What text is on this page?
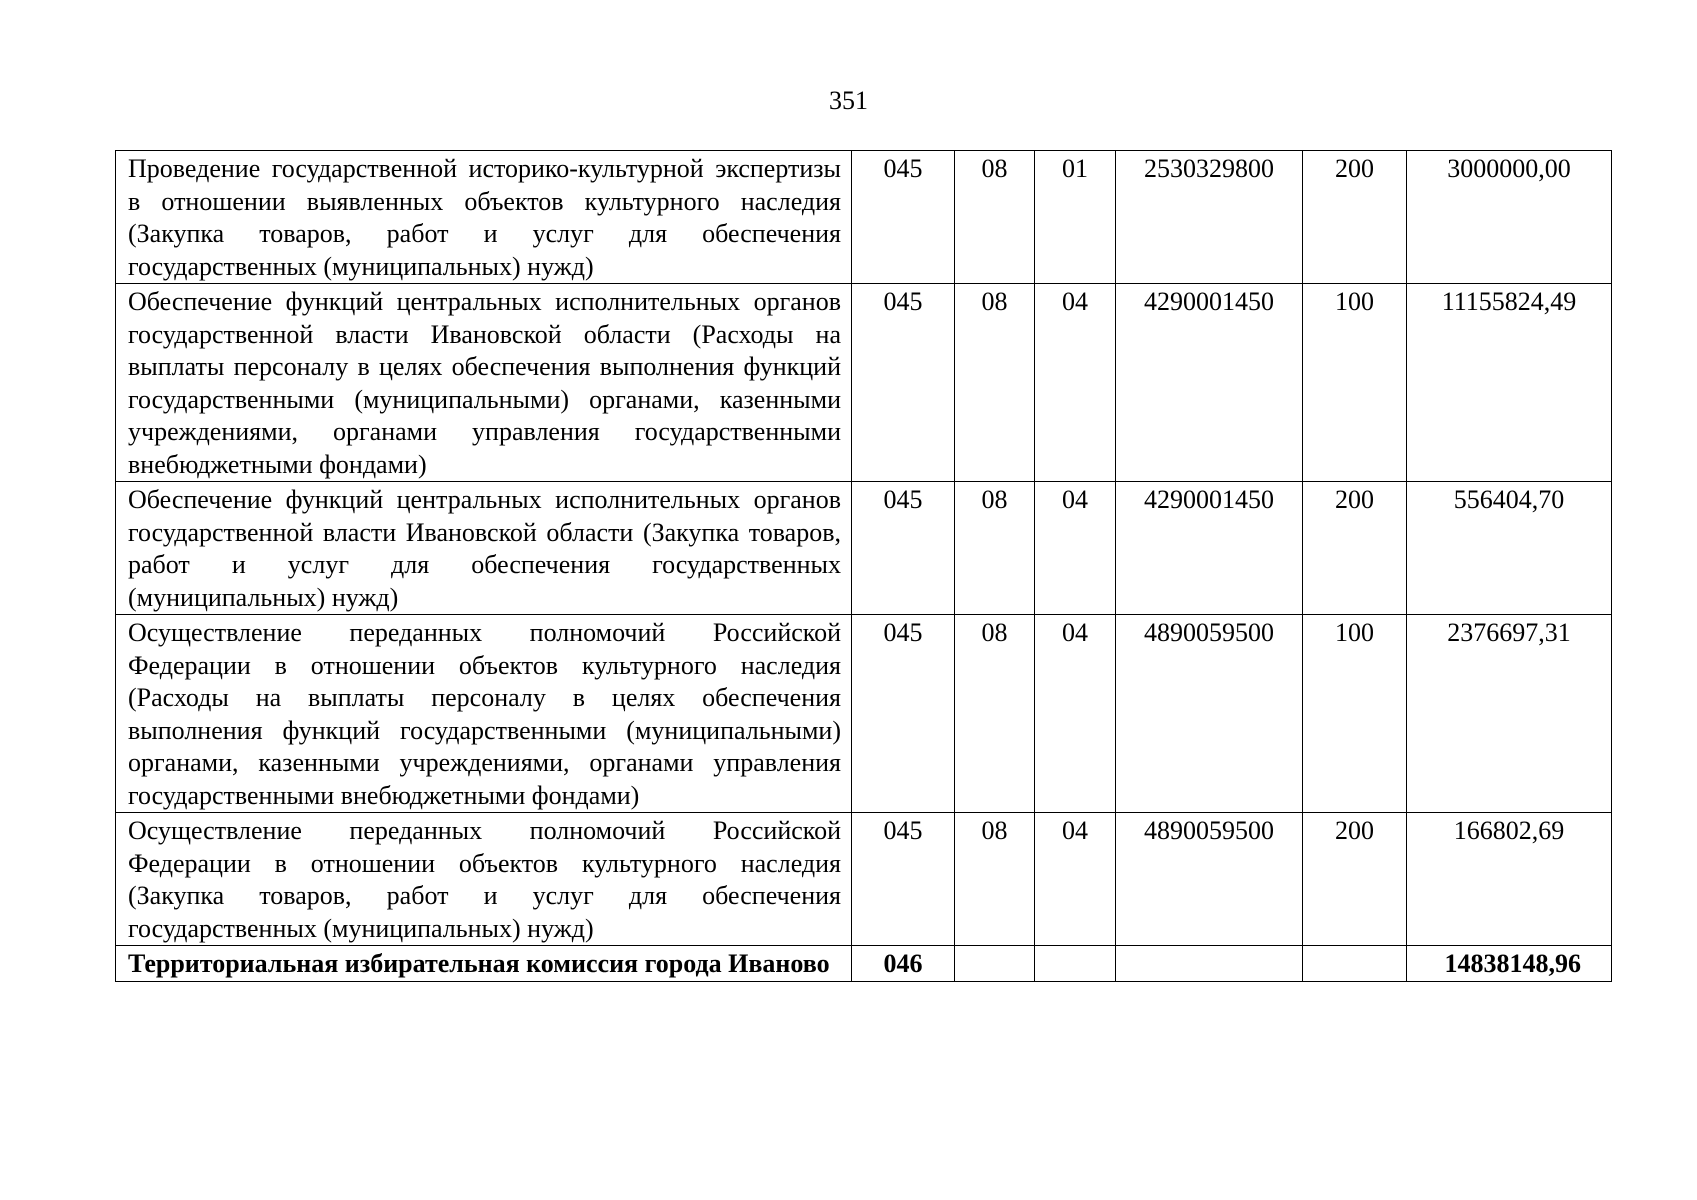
351
Проведение государственной историко-культурной экспертизы в отношении выявленных объектов культурного наследия (Закупка товаров, работ и услуг для обеспечения государственных (муниципальных) нужд)	045	08	01	2530329800	200	3000000,00
Обеспечение функций центральных исполнительных органов государственной власти Ивановской области (Расходы на выплаты персоналу в целях обеспечения выполнения функций государственными (муниципальными) органами, казенными учреждениями, органами управления государственными внебюджетными фондами)	045	08	04	4290001450	100	11155824,49
Обеспечение функций центральных исполнительных органов государственной власти Ивановской области (Закупка товаров, работ и услуг для обеспечения государственных (муниципальных) нужд)	045	08	04	4290001450	200	556404,70
Осуществление переданных полномочий Российской Федерации в отношении объектов культурного наследия (Расходы на выплаты персоналу в целях обеспечения выполнения функций государственными (муниципальными) органами, казенными учреждениями, органами управления государственными внебюджетными фондами)	045	08	04	4890059500	100	2376697,31
Осуществление переданных полномочий Российской Федерации в отношении объектов культурного наследия (Закупка товаров, работ и услуг для обеспечения государственных (муниципальных) нужд)	045	08	04	4890059500	200	166802,69
Территориальная избирательная комиссия города Иваново	046					14838148,96
